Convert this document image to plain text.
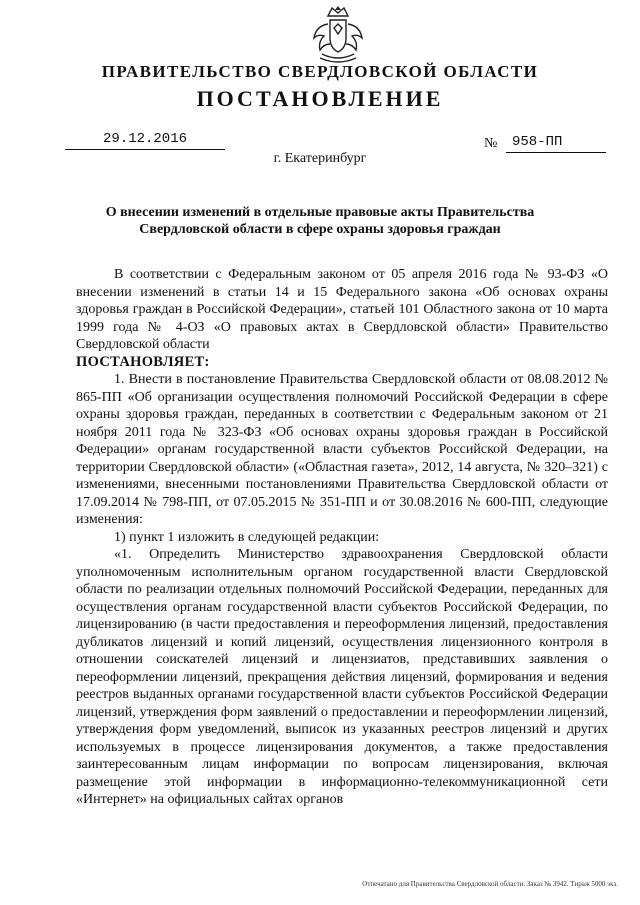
ПРАВИТЕЛЬСТВО СВЕРДЛОВСКОЙ ОБЛАСТИ
ПОСТАНОВЛЕНИЕ
29.12.2016	№ 958-ПП
г. Екатеринбург
О внесении изменений в отдельные правовые акты Правительства
Свердловской области в сфере охраны здоровья граждан

В соответствии с Федеральным законом от 05 апреля 2016 года № 93-ФЗ «О внесении изменений в статьи 14 и 15 Федерального закона «Об основах охраны здоровья граждан в Российской Федерации», статьей 101 Областного закона от 10 марта 1999 года № 4-ОЗ «О правовых актах в Свердловской области» Правительство Свердловской области

ПОСТАНОВЛЯЕТ:

1. Внести в постановление Правительства Свердловской области от 08.08.2012 № 865-ПП «Об организации осуществления полномочий Российской Федерации в сфере охраны здоровья граждан, переданных в соответствии с Федеральным законом от 21 ноября 2011 года № 323-ФЗ «Об основах охраны здоровья граждан в Российской Федерации» органам государственной власти субъектов Российской Федерации, на территории Свердловской области» («Областная газета», 2012, 14 августа, № 320–321) с изменениями, внесенными постановлениями Правительства Свердловской области от 17.09.2014 № 798-ПП, от 07.05.2015 № 351-ПП и от 30.08.2016 № 600-ПП, следующие изменения:

1) пункт 1 изложить в следующей редакции:

«1. Определить Министерство здравоохранения Свердловской области уполномоченным исполнительным органом государственной власти Свердловской области по реализации отдельных полномочий Российской Федерации, переданных для осуществления органам государственной власти субъектов Российской Федерации, по лицензированию (в части предоставления и переоформления лицензий, предоставления дубликатов лицензий и копий лицензий, осуществления лицензионного контроля в отношении соискателей лицензий и лицензиатов, представивших заявления о переоформлении лицензий, прекращения действия лицензий, формирования и ведения реестров выданных органами государственной власти субъектов Российской Федерации лицензий, утверждения форм заявлений о предоставлении и переоформлении лицензий, утверждения форм уведомлений, выписок из указанных реестров лицензий и других используемых в процессе лицензирования документов, а также предоставления заинтересованным лицам информации по вопросам лицензирования, включая размещение этой информации в информационно-телекоммуникационной сети «Интернет» на официальных сайтах органов

Отпечатано для Правительства Свердловской области. Заказ № 3942. Тираж 5000 экз.
